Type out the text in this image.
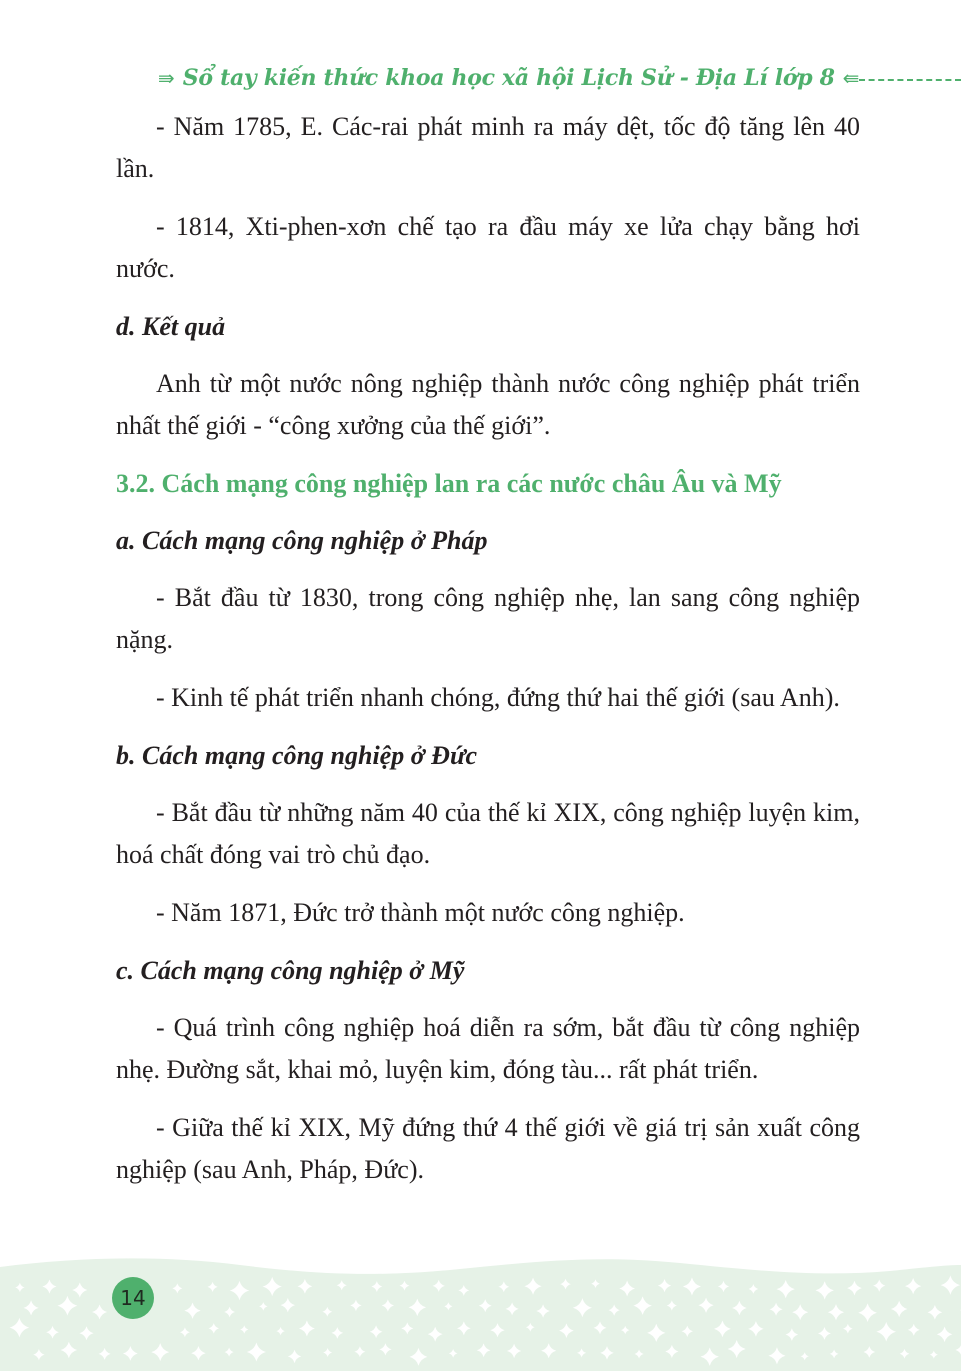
⇛ Sổ tay kiến thức khoa học xã hội Lịch Sử - Địa Lí lớp 8 ⇚

- Năm 1785, E. Các-rai phát minh ra máy dệt, tốc độ tăng lên 40 lần.

- 1814, Xti-phen-xơn chế tạo ra đầu máy xe lửa chạy bằng hơi nước.

d. Kết quả

Anh từ một nước nông nghiệp thành nước công nghiệp phát triển nhất thế giới - “công xưởng của thế giới”.

3.2. Cách mạng công nghiệp lan ra các nước châu Âu và Mỹ

a. Cách mạng công nghiệp ở Pháp

- Bắt đầu từ 1830, trong công nghiệp nhẹ, lan sang công nghiệp nặng.

- Kinh tế phát triển nhanh chóng, đứng thứ hai thế giới (sau Anh).

b. Cách mạng công nghiệp ở Đức

- Bắt đầu từ những năm 40 của thế kỉ XIX, công nghiệp luyện kim, hoá chất đóng vai trò chủ đạo.

- Năm 1871, Đức trở thành một nước công nghiệp.

c. Cách mạng công nghiệp ở Mỹ

- Quá trình công nghiệp hoá diễn ra sớm, bắt đầu từ công nghiệp nhẹ. Đường sắt, khai mỏ, luyện kim, đóng tàu... rất phát triển.

- Giữa thế kỉ XIX, Mỹ đứng thứ 4 thế giới về giá trị sản xuất công nghiệp (sau Anh, Pháp, Đức).

14
